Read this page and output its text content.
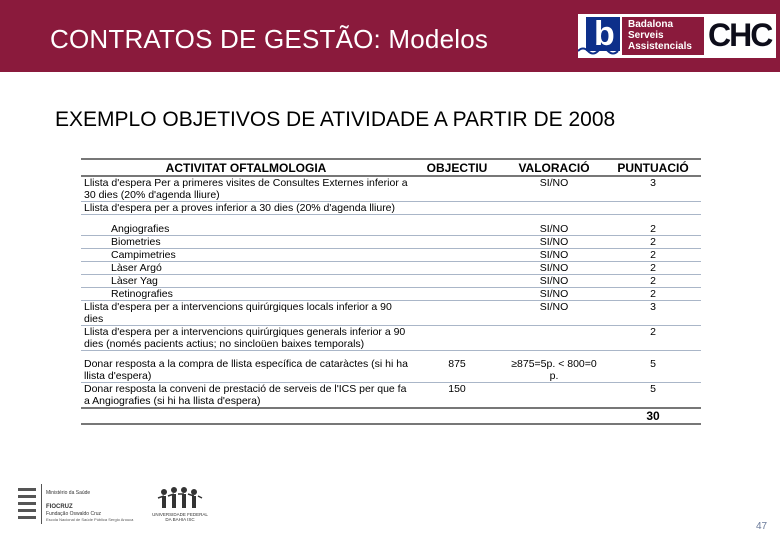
CONTRATOS DE GESTÃO: Modelos	b Badalona
Serveis
Assistencials CHC
EXEMPLO OBJETIVOS DE ATIVIDADE A PARTIR DE 2008
ACTIVITAT OFTALMOLOGIA	OBJECTIU	VALORACIÓ	PUNTUACIÓ
Llista d'espera Per a primeres visites de Consultes Externes inferior a 30 dies (20% d'agenda lliure)		SI/NO	3
Llista d'espera per a proves inferior a 30 dies (20% d'agenda lliure)			

Angiografies		SI/NO	2
Biometries		SI/NO	2
Campimetries		SI/NO	2
Làser Argó		SI/NO	2
Làser Yag		SI/NO	2
Retinografies		SI/NO	2
Llista d'espera per a intervencions quirúrgiques locals inferior a 90 dies		SI/NO	3
Llista d'espera per a intervencions quirúrgiques generals inferior a 90 dies (només pacients actius; no sincloüen baixes temporals)			2

Donar resposta a la compra de llista específica de cataràctes (si hi ha llista d'espera)	875	≥875=5p. < 800=0 p.	5
Donar resposta la conveni de prestació de serveis de l'ICS per que fa a Angiografies (si hi ha llista d'espera)	150		5
			30
Ministério da Saúde
FIOCRUZ
Fundação Oswaldo Cruz
Escola Nacional de Saúde Pública Sergio Arouca
UNIVERSIDADE FEDERAL DA BAHIA ISC
47
